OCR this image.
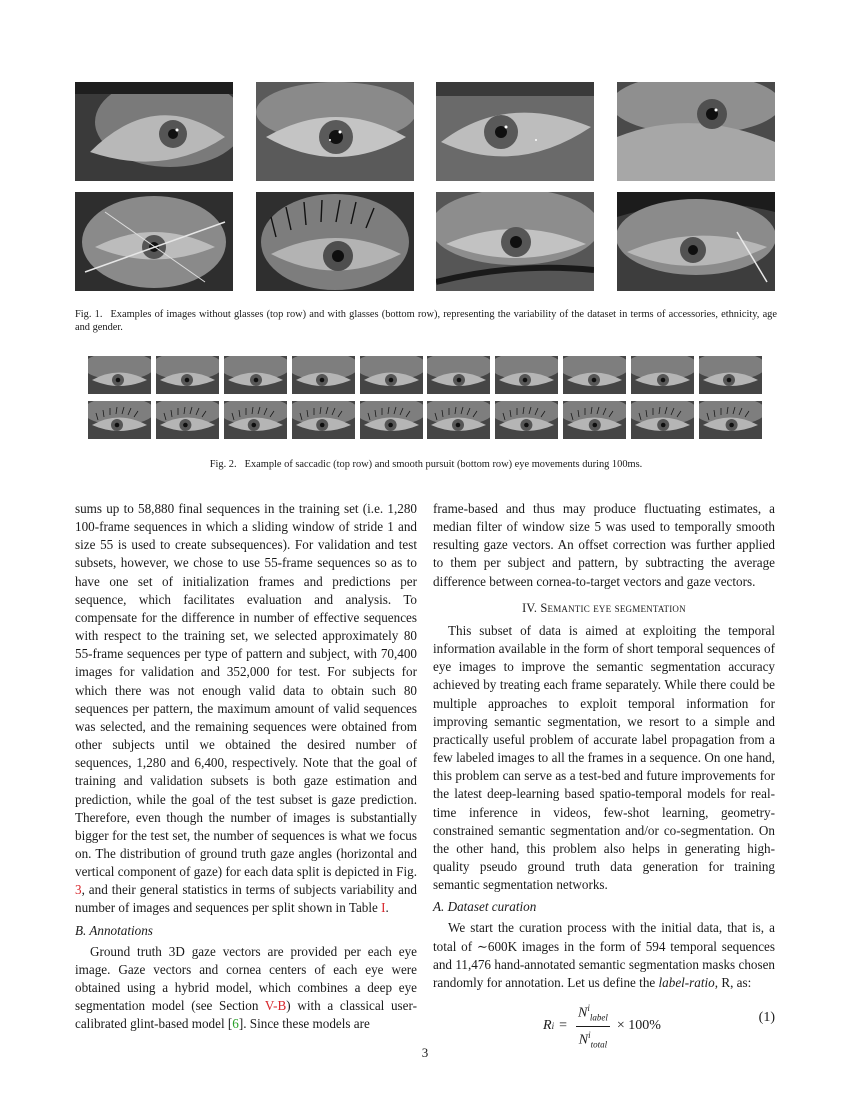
Fig. 1. Examples of images without glasses (top row) and with glasses (bottom row), representing the variability of the dataset in terms of accessories, ethnicity, age and gender.
Fig. 2. Example of saccadic (top row) and smooth pursuit (bottom row) eye movements during 100ms.

sums up to 58,880 final sequences in the training set (i.e. 1,280 100-frame sequences in which a sliding window of stride 1 and size 55 is used to create subsequences). For validation and test subsets, however, we chose to use 55-frame sequences so as to have one set of initialization frames and predictions per sequence, which facilitates evaluation and analysis. To compensate for the difference in number of effective sequences with respect to the training set, we selected approximately 80 55-frame sequences per type of pattern and subject, with 70,400 images for validation and 352,000 for test. For subjects for which there was not enough valid data to obtain such 80 sequences per pattern, the maximum amount of valid sequences was selected, and the remaining sequences were obtained from other subjects until we obtained the desired number of sequences, 1,280 and 6,400, respectively. Note that the goal of training and validation subsets is both gaze estimation and prediction, while the goal of the test subset is gaze prediction. Therefore, even though the number of images is substantially bigger for the test set, the number of sequences is what we focus on. The distribution of ground truth gaze angles (horizontal and vertical component of gaze) for each data split is depicted in Fig. 3, and their general statistics in terms of subjects variability and number of images and sequences per split shown in Table I.

B. Annotations

Ground truth 3D gaze vectors are provided per each eye image. Gaze vectors and cornea centers of each eye were obtained using a hybrid model, which combines a deep eye segmentation model (see Section V-B) with a classical user-calibrated glint-based model [6]. Since these models are

frame-based and thus may produce fluctuating estimates, a median filter of window size 5 was used to temporally smooth resulting gaze vectors. An offset correction was further applied to them per subject and pattern, by subtracting the average difference between cornea-to-target vectors and gaze vectors.

IV. Semantic eye segmentation

This subset of data is aimed at exploiting the temporal information available in the form of short temporal sequences of eye images to improve the semantic segmentation accuracy achieved by treating each frame separately. While there could be multiple approaches to exploit temporal information for improving semantic segmentation, we resort to a simple and practically useful problem of accurate label propagation from a few labeled images to all the frames in a sequence. On one hand, this problem can serve as a test-bed and future improvements for the latest deep-learning based spatio-temporal models for real-time inference in videos, few-shot learning, geometry-constrained semantic segmentation and/or co-segmentation. On the other hand, this problem also helps in generating high-quality pseudo ground truth data generation for training semantic segmentation networks.

A. Dataset curation

We start the curation process with the initial data, that is, a total of ∼600K images in the form of 594 temporal sequences and 11,476 hand-annotated semantic segmentation masks chosen randomly for annotation. Let us define the label-ratio, R, as:

R $i = \frac{N^i_{label}}{N^i_{total}} \times 100\%$
(1)
3
